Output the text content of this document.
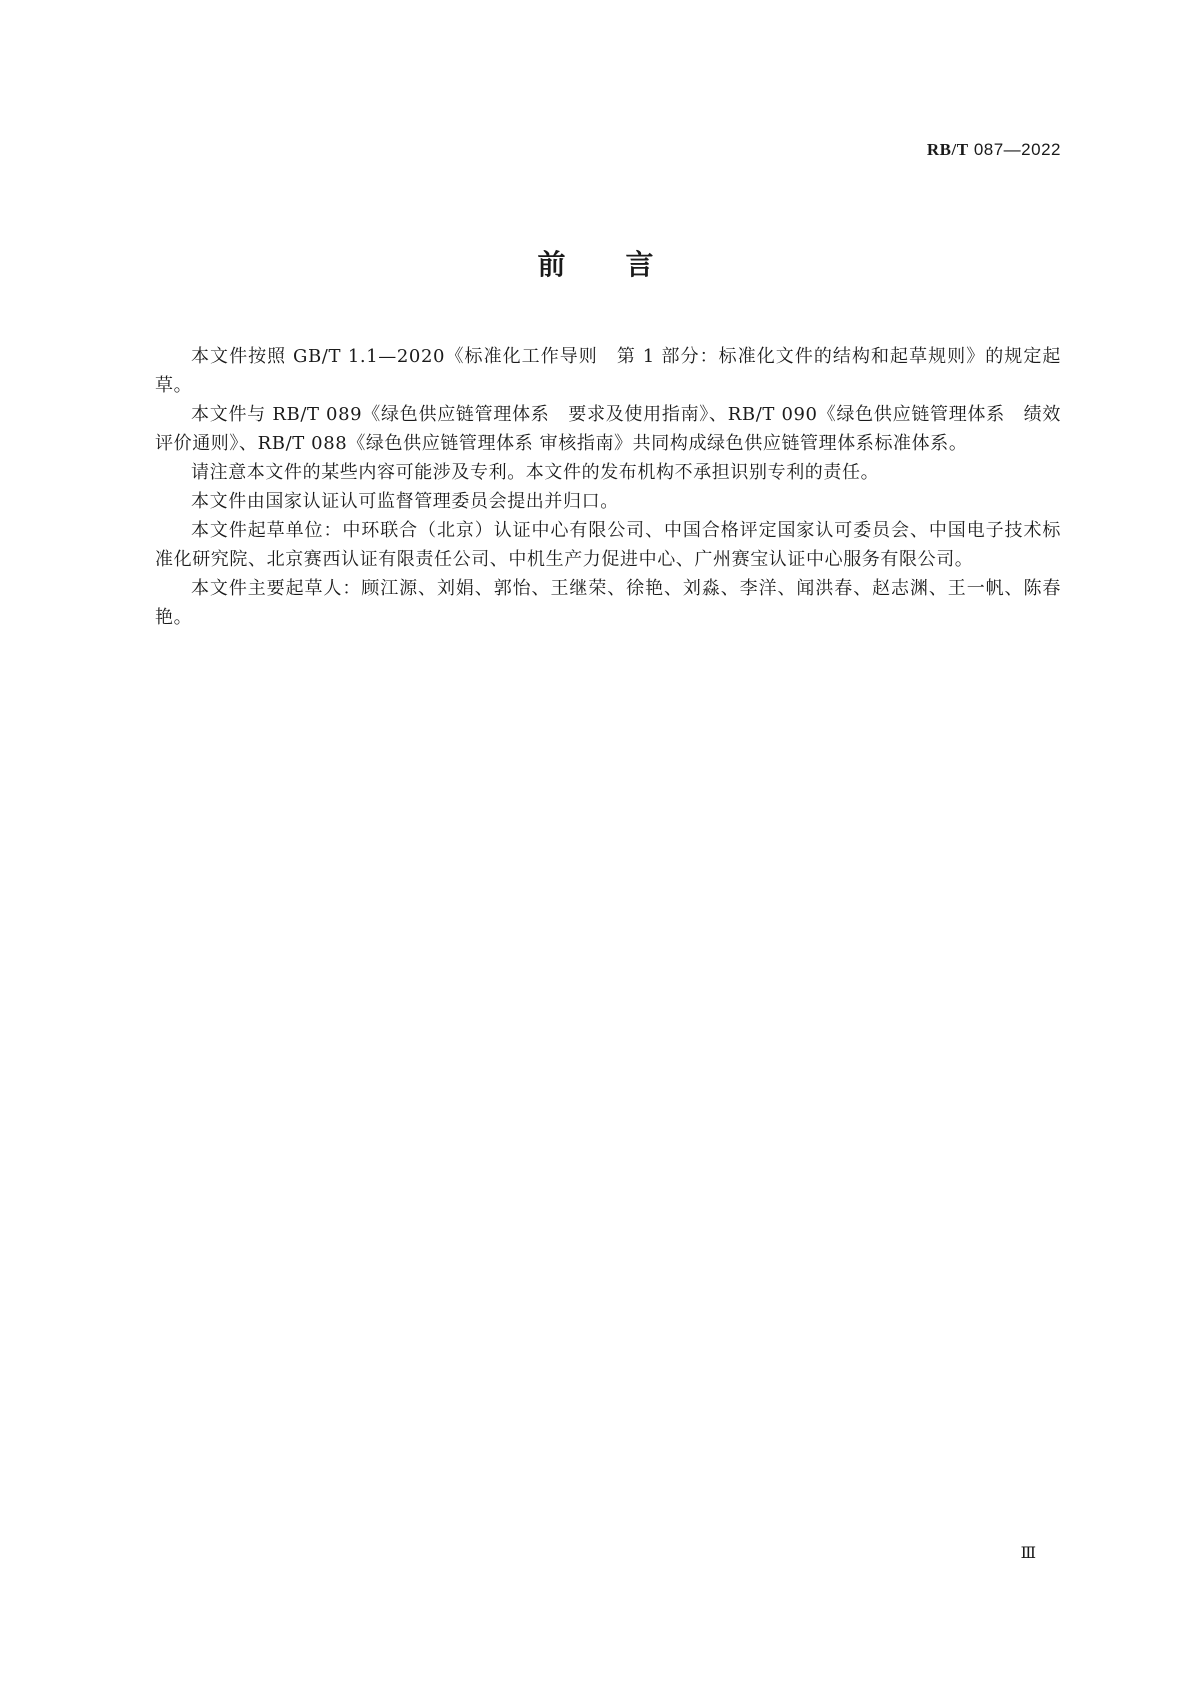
RB/T 087—2022
前言

本文件按照 GB/T 1.1—2020《标准化工作导则　第 1 部分：标准化文件的结构和起草规则》的规定起草。

本文件与 RB/T 089《绿色供应链管理体系　要求及使用指南》、RB/T 090《绿色供应链管理体系　绩效评价通则》、RB/T 088《绿色供应链管理体系 审核指南》共同构成绿色供应链管理体系标准体系。

请注意本文件的某些内容可能涉及专利。本文件的发布机构不承担识别专利的责任。

本文件由国家认证认可监督管理委员会提出并归口。

本文件起草单位：中环联合（北京）认证中心有限公司、中国合格评定国家认可委员会、中国电子技术标准化研究院、北京赛西认证有限责任公司、中机生产力促进中心、广州赛宝认证中心服务有限公司。

本文件主要起草人：顾江源、刘娟、郭怡、王继荣、徐艳、刘淼、李洋、闻洪春、赵志渊、王一帆、陈春艳。

Ⅲ
